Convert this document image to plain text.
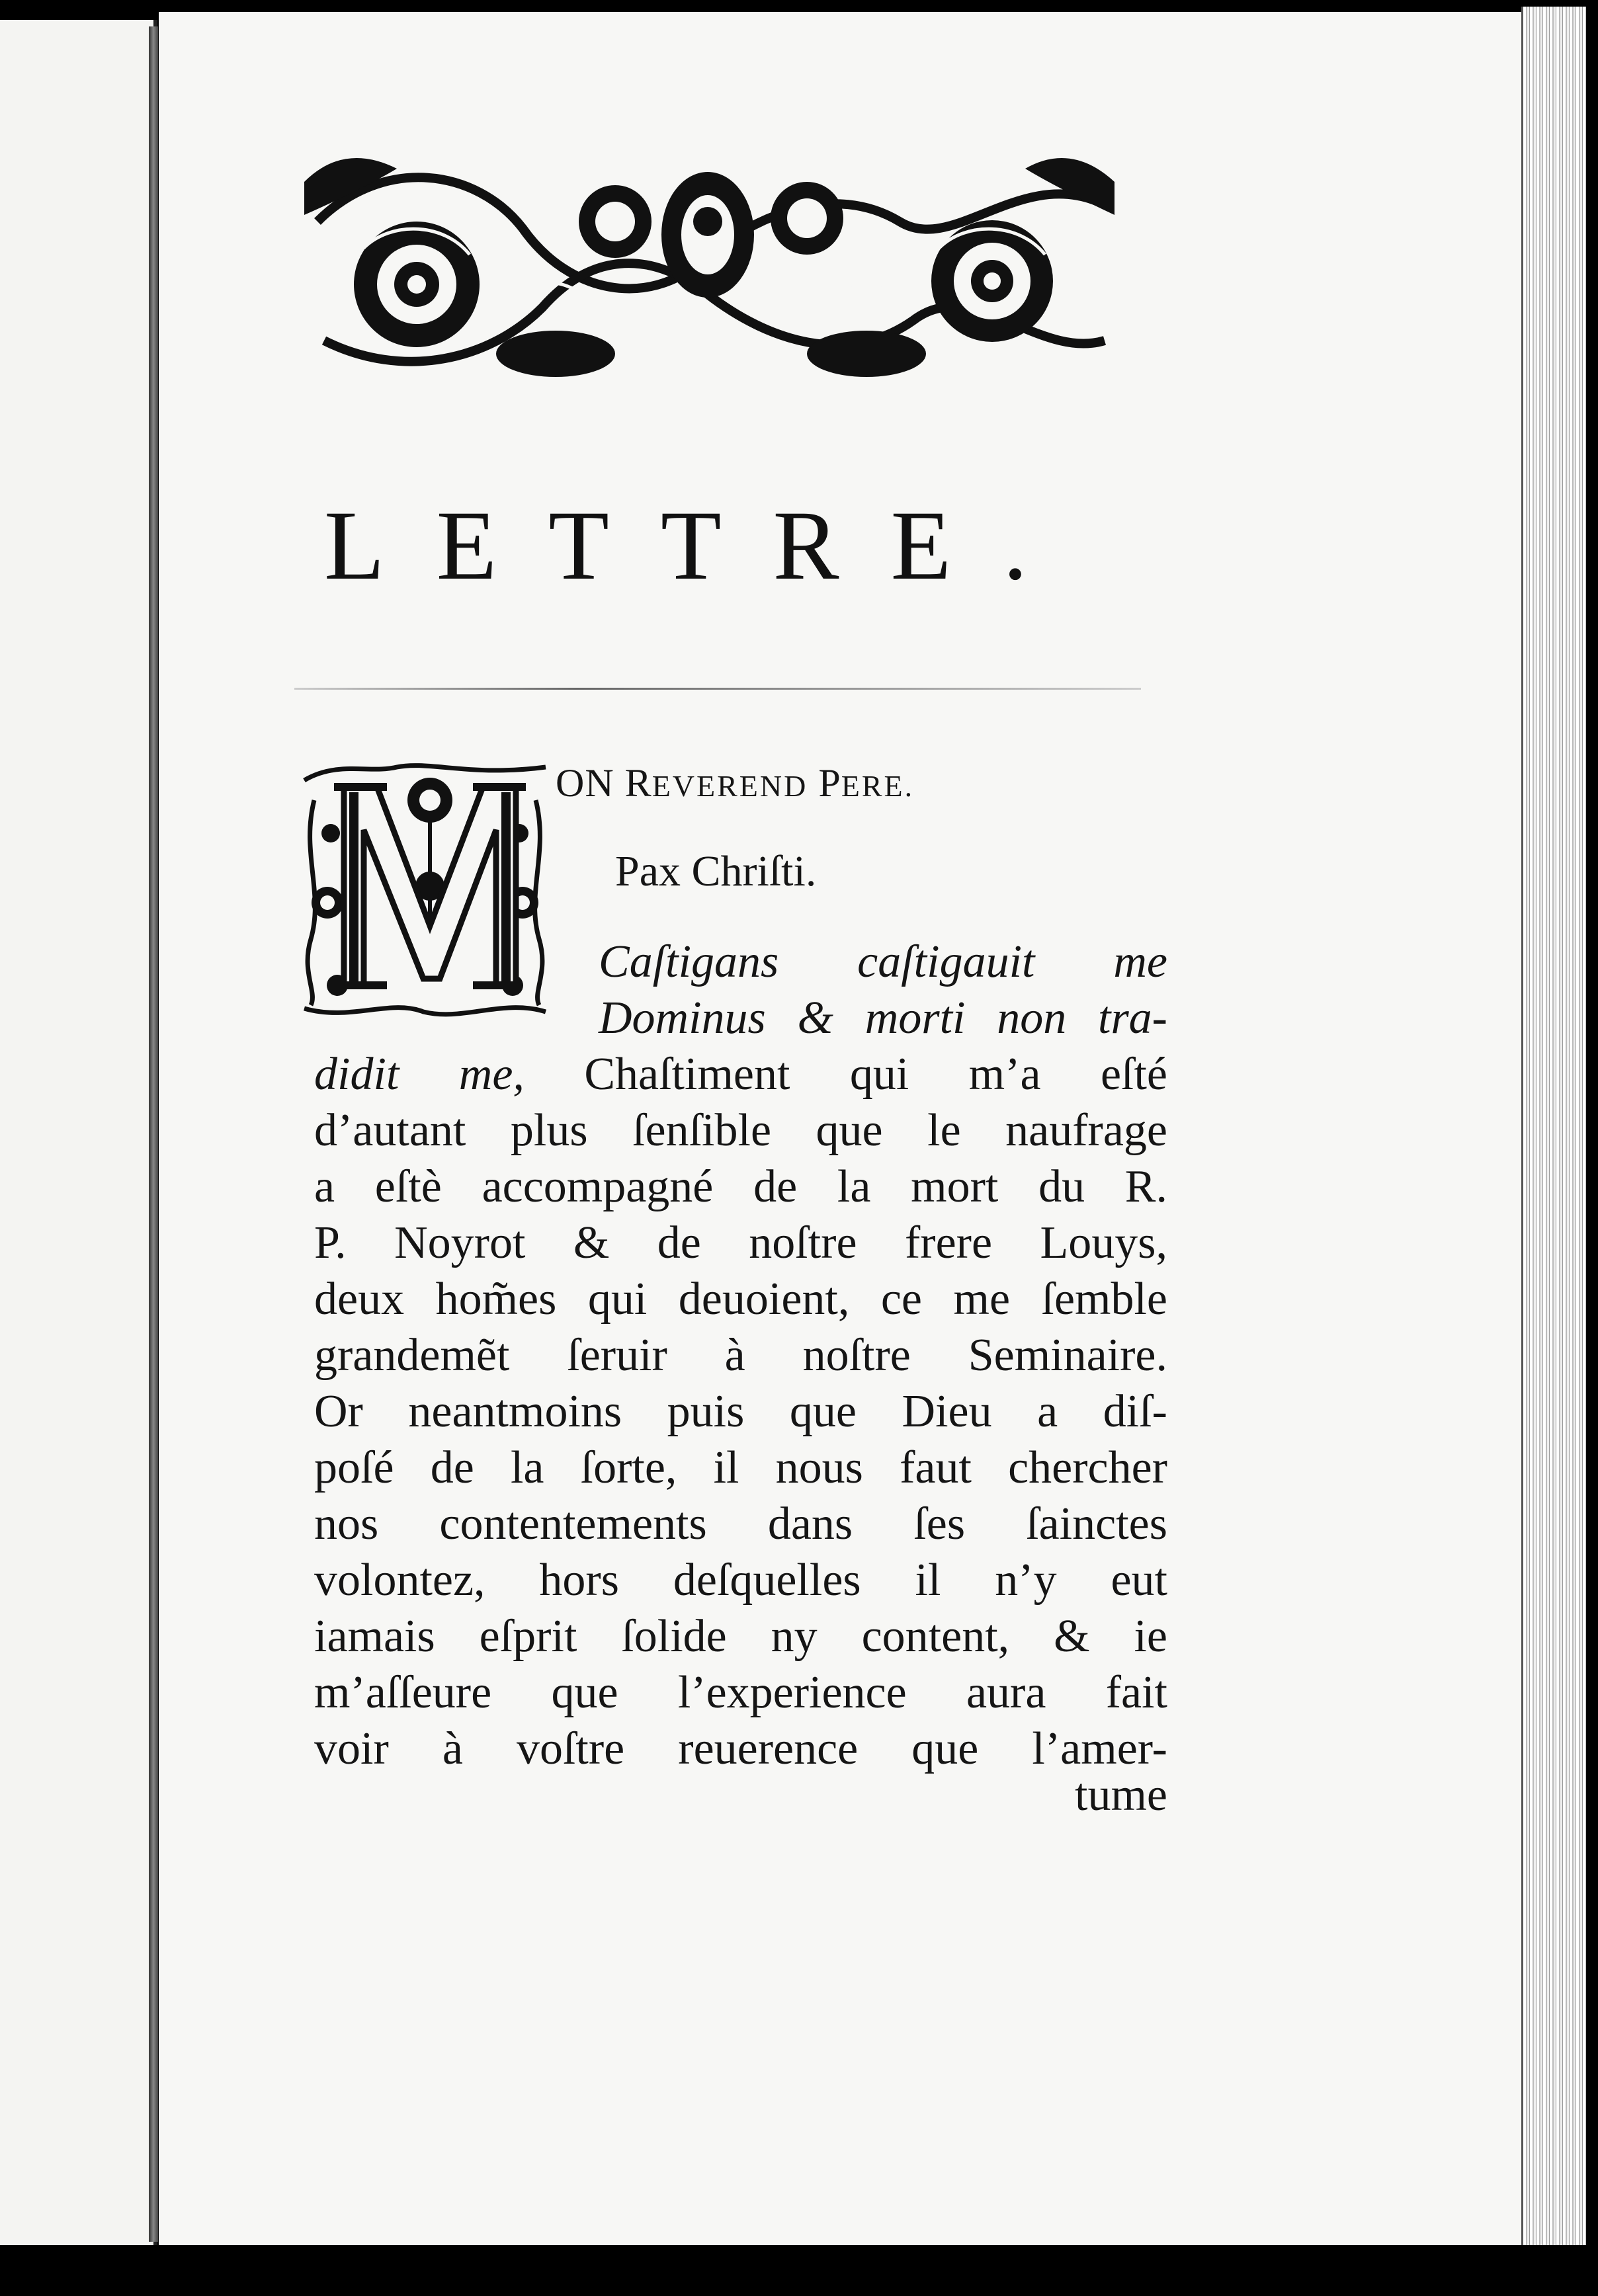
LETTRE.
ON REVEREND PERE.
Pax Chriſti.
Caſtigans caſtigauit me
Dominus & morti non tra-
didit me, Chaſtiment qui m’a eſté
d’autant plus ſenſible que le naufrage
a eſtè accompagné de la mort du R.
P. Noyrot & de noſtre frere Louys,
deux hom̃es qui deuoient, ce me ſemble
grandemẽt ſeruir à noſtre Seminaire.
Or neantmoins puis que Dieu a diſ-
poſé de la ſorte, il nous faut chercher
nos contentements dans ſes ſainctes
volontez, hors deſquelles il n’y eut
iamais eſprit ſolide ny content, & ie
m’aſſeure que l’experience aura fait
voir à voſtre reuerence que l’amer-
tume
